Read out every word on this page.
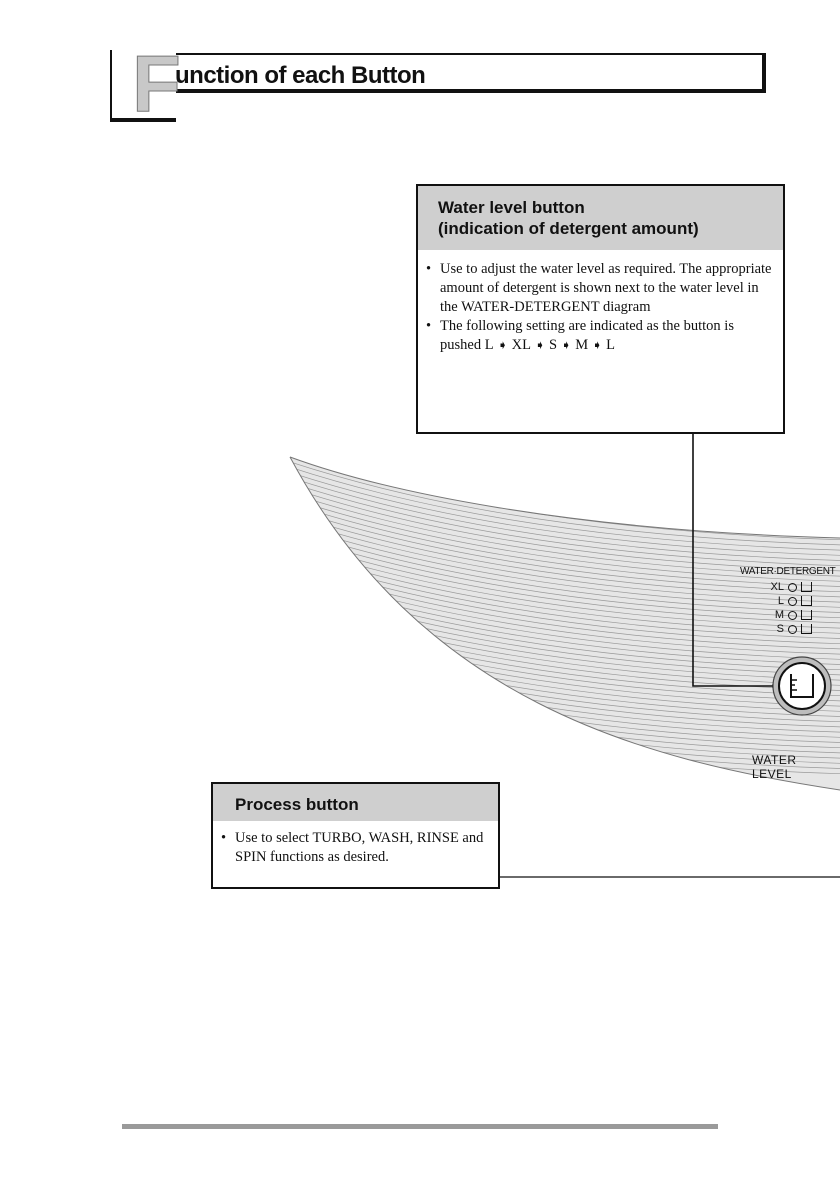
F
unction of each Button
WATER·DETERGENT
XL
L
M
S
WATER LEVEL
Water level button
(indication of detergent amount)
• Use to adjust the water level as required. The appropriate amount of detergent is shown next to the water level in the WATER-DETERGENT diagram
• The following setting are indicated as the button is pushed L ➧ XL ➧ S ➧ M ➧ L
Process button
• Use to select TURBO, WASH, RINSE and SPIN functions as desired.
